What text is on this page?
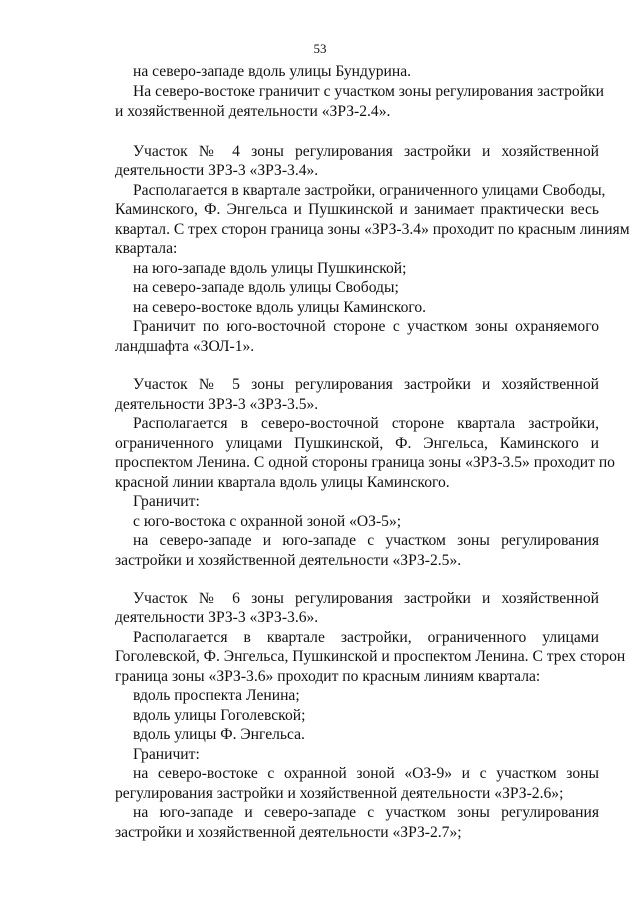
53
на северо-западе вдоль улицы Бундурина.
На северо-востоке граничит с участком зоны регулирования застройки
и хозяйственной деятельности «ЗРЗ-2.4».
Участок № 4 зоны регулирования застройки и хозяйственной
деятельности ЗРЗ-3 «ЗРЗ-3.4».
Располагается в квартале застройки, ограниченного улицами Свободы,
Каминского, Ф. Энгельса и Пушкинской и занимает практически весь
квартал. С трех сторон граница зоны «ЗРЗ-3.4» проходит по красным линиям
квартала:
на юго-западе вдоль улицы Пушкинской;
на северо-западе вдоль улицы Свободы;
на северо-востоке вдоль улицы Каминского.
Граничит по юго-восточной стороне с участком зоны охраняемого
ландшафта «ЗОЛ-1».
Участок № 5 зоны регулирования застройки и хозяйственной
деятельности ЗРЗ-3 «ЗРЗ-3.5».
Располагается в северо-восточной стороне квартала застройки,
ограниченного улицами Пушкинской, Ф. Энгельса, Каминского и
проспектом Ленина. С одной стороны граница зоны «ЗРЗ-3.5» проходит по
красной линии квартала вдоль улицы Каминского.
Граничит:
с юго-востока с охранной зоной «ОЗ-5»;
на северо-западе и юго-западе с участком зоны регулирования
застройки и хозяйственной деятельности «ЗРЗ-2.5».
Участок № 6 зоны регулирования застройки и хозяйственной
деятельности ЗРЗ-3 «ЗРЗ-3.6».
Располагается в квартале застройки, ограниченного улицами
Гоголевской, Ф. Энгельса, Пушкинской и проспектом Ленина. С трех сторон
граница зоны «ЗРЗ-3.6» проходит по красным линиям квартала:
вдоль проспекта Ленина;
вдоль улицы Гоголевской;
вдоль улицы Ф. Энгельса.
Граничит:
на северо-востоке с охранной зоной «ОЗ-9» и с участком зоны
регулирования застройки и хозяйственной деятельности «ЗРЗ-2.6»;
на юго-западе и северо-западе с участком зоны регулирования
застройки и хозяйственной деятельности «ЗРЗ-2.7»;
